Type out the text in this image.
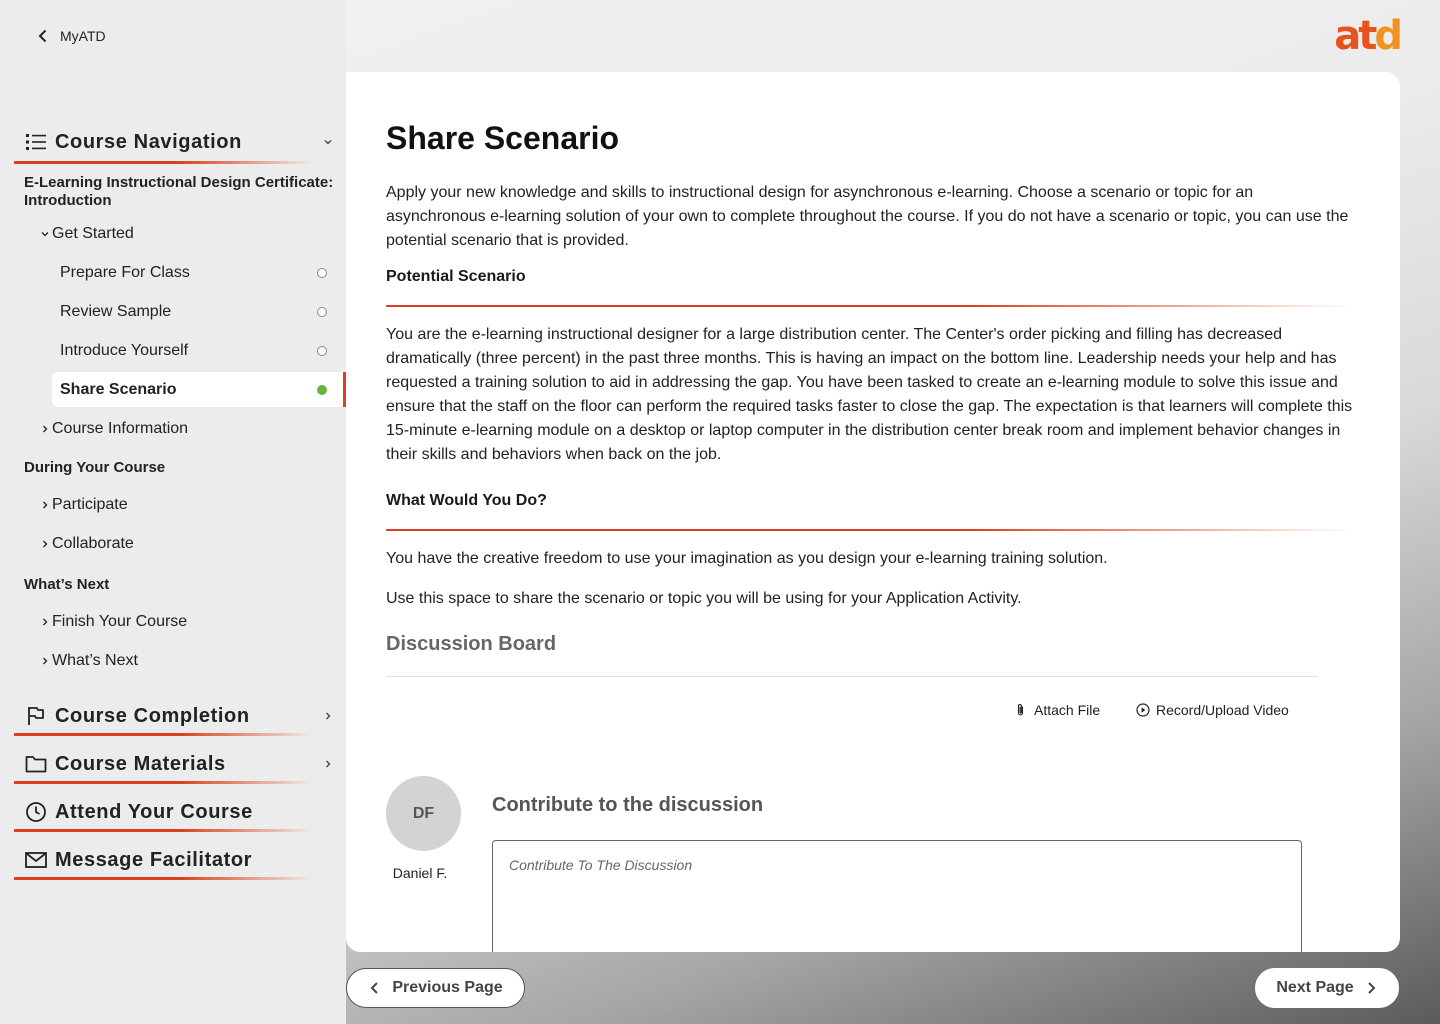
MyATD	atd
Course Navigation
E-Learning Instructional Design Certificate: Introduction
Get Started
Prepare For Class
Review Sample
Introduce Yourself
Share Scenario
Course Information
During Your Course
Participate
Collaborate
What’s Next
Finish Your Course
What’s Next
Course Completion
Course Materials
Attend Your Course
Message Facilitator
Share Scenario

Apply your new knowledge and skills to instructional design for asynchronous e-learning. Choose a scenario or topic for an asynchronous e-learning solution of your own to complete throughout the course. If you do not have a scenario or topic, you can use the potential scenario that is provided.

Potential Scenario

You are the e-learning instructional designer for a large distribution center. The Center's order picking and filling has decreased dramatically (three percent) in the past three months. This is having an impact on the bottom line. Leadership needs your help and has requested a training solution to aid in addressing the gap. You have been tasked to create an e-learning module to solve this issue and ensure that the staff on the floor can perform the required tasks faster to close the gap. The expectation is that learners will complete this 15-minute e-learning module on a desktop or laptop computer in the distribution center break room and implement behavior changes in their skills and behaviors when back on the job.

What Would You Do?

You have the creative freedom to use your imagination as you design your e-learning training solution.

Use this space to share the scenario or topic you will be using for your Application Activity.

Discussion Board
Attach File	Record/Upload Video
DF
Daniel F.
Contribute to the discussion
Contribute To The Discussion
Previous Page	Next Page
